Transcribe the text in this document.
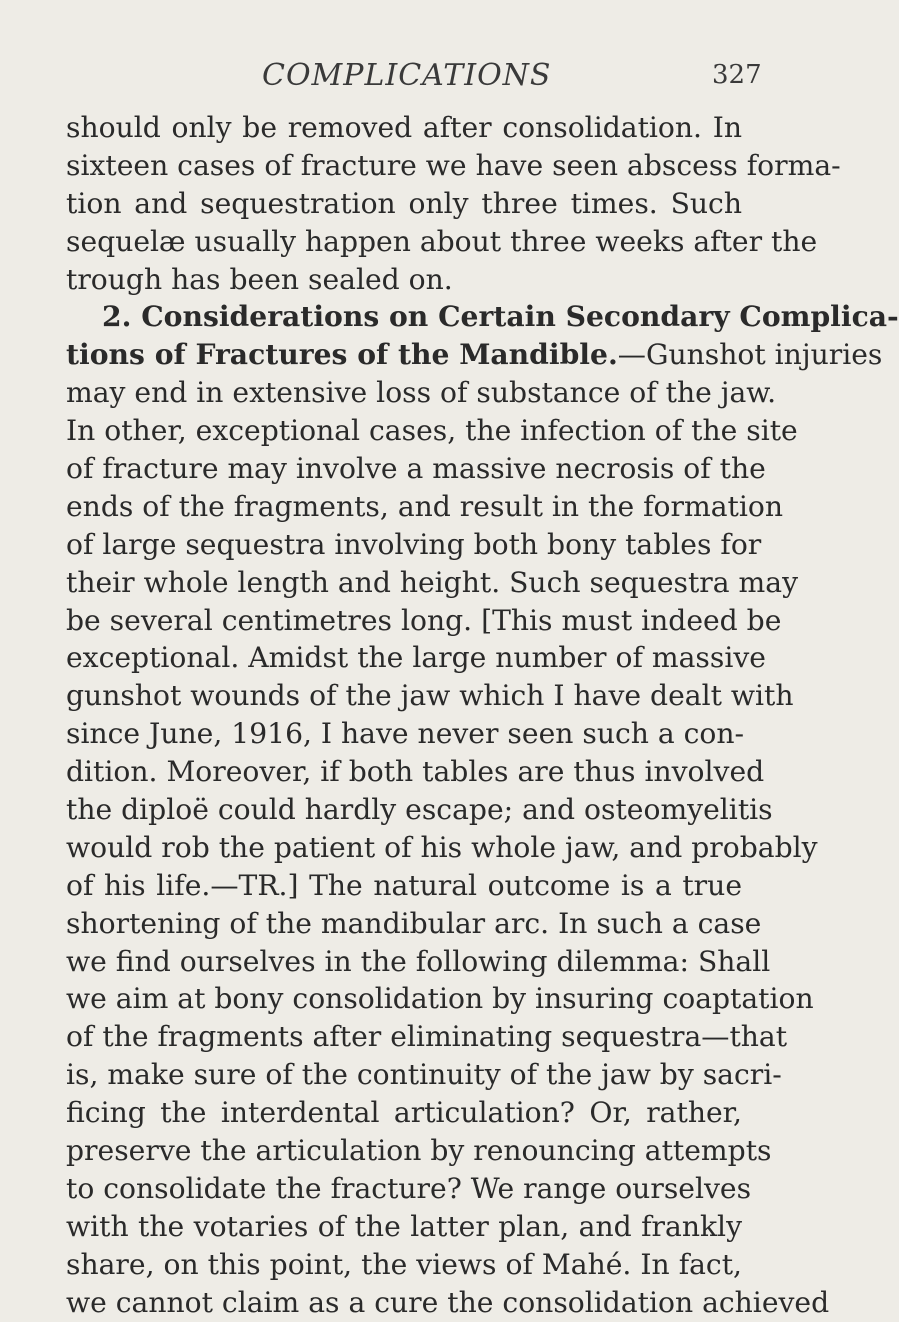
COMPLICATIONS	327
should only be removed after consolidation. In
sixteen cases of fracture we have seen abscess forma-
tion and sequestration only three times. Such
sequelæ usually happen about three weeks after the
trough has been sealed on.
2. Considerations on Certain Secondary Complica-
tions of Fractures of the Mandible.—Gunshot injuries
may end in extensive loss of substance of the jaw.
In other, exceptional cases, the infection of the site
of fracture may involve a massive necrosis of the
ends of the fragments, and result in the formation
of large sequestra involving both bony tables for
their whole length and height. Such sequestra may
be several centimetres long. [This must indeed be
exceptional. Amidst the large number of massive
gunshot wounds of the jaw which I have dealt with
since June, 1916, I have never seen such a con-
dition. Moreover, if both tables are thus involved
the diploë could hardly escape; and osteomyelitis
would rob the patient of his whole jaw, and probably
of his life.—TR.] The natural outcome is a true
shortening of the mandibular arc. In such a case
we find ourselves in the following dilemma: Shall
we aim at bony consolidation by insuring coaptation
of the fragments after eliminating sequestra—that
is, make sure of the continuity of the jaw by sacri-
ficing the interdental articulation? Or, rather,
preserve the articulation by renouncing attempts
to consolidate the fracture? We range ourselves
with the votaries of the latter plan, and frankly
share, on this point, the views of Mahé. In fact,
we cannot claim as a cure the consolidation achieved
